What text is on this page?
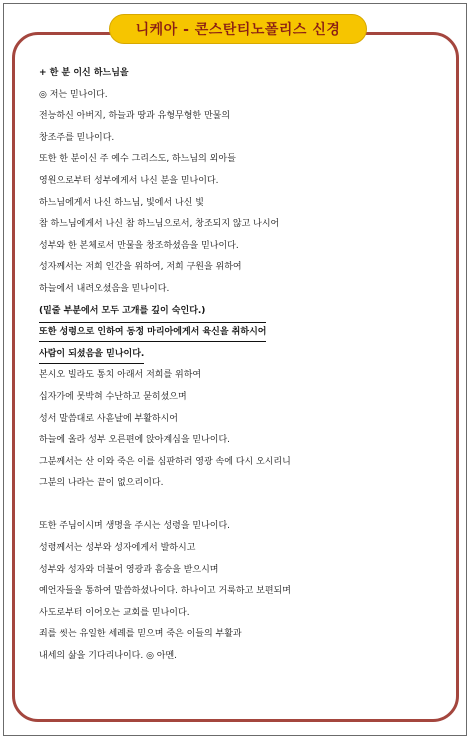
니케아 - 콘스탄티노폴리스 신경
+ 한 분 이신 하느님을
◎ 저는 믿나이다.
전능하신 아버지, 하늘과 땅과 유형무형한 만물의
창조주를 믿나이다.
또한 한 분이신 주 예수 그리스도, 하느님의 외아들
영원으로부터 성부에게서 나신 분을 믿나이다.
하느님에게서 나신 하느님, 빛에서 나신 빛
참 하느님에게서 나신 참 하느님으로서, 창조되지 않고 나시어
성부와 한 본체로서 만물을 창조하셨음을 믿나이다.
성자께서는 저희 인간을 위하여, 저희 구원을 위하여
하늘에서 내려오셨음을 믿나이다.
(밑줄 부분에서 모두 고개를 깊이 숙인다.)
또한 성령으로 인하여 동정 마리아에게서 육신을 취하시어
사람이 되셨음을 믿나이다.
본시오 빌라도 통치 아래서 저희를 위하여
십자가에 못박혀 수난하고 묻히셨으며
성서 말씀대로 사흗날에 부활하시어
하늘에 올라 성부 오른편에 앉아계심을 믿나이다.
그분께서는 산 이와 죽은 이를 심판하러 영광 속에 다시 오시리니
그분의 나라는 끝이 없으리이다.
또한 주님이시며 생명을 주시는 성령을 믿나이다.
성령께서는 성부와 성자에게서 발하시고
성부와 성자와 더불어 영광과 흠숭을 받으시며
예언자들을 통하여 말씀하셨나이다. 하나이고 거룩하고 보편되며
사도로부터 이어오는 교회를 믿나이다.
죄를 씻는 유일한 세례를 믿으며 죽은 이들의 부활과
내세의 삶을 기다리나이다. ◎ 아멘.
